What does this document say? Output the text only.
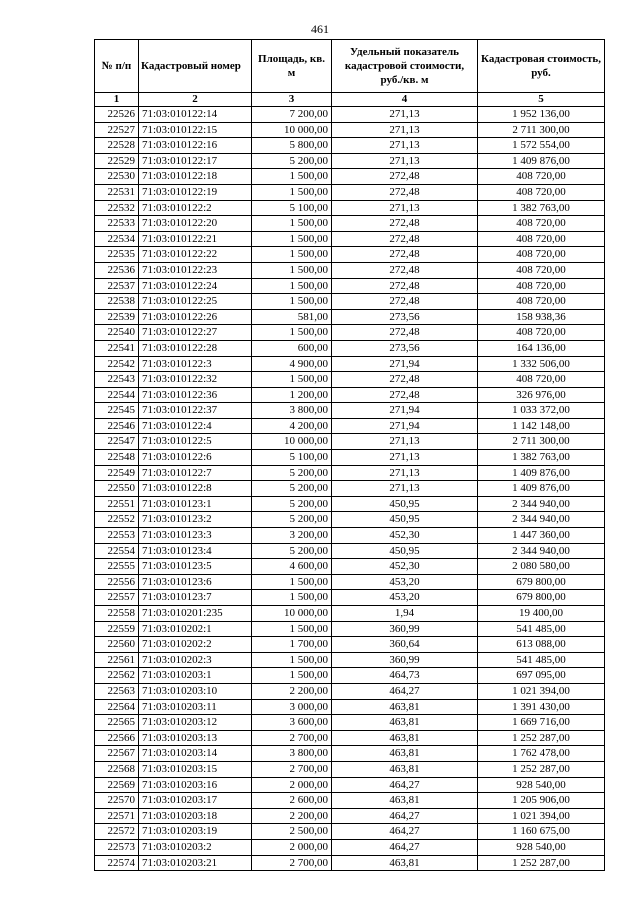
461
№ п/п	Кадастровый номер	Площадь, кв. м	Удельный показатель кадастровой стоимости, руб./кв. м	Кадастровая стоимость, руб.
1	2	3	4	5
22526	71:03:010122:14	7 200,00	271,13	1 952 136,00
22527	71:03:010122:15	10 000,00	271,13	2 711 300,00
22528	71:03:010122:16	5 800,00	271,13	1 572 554,00
22529	71:03:010122:17	5 200,00	271,13	1 409 876,00
22530	71:03:010122:18	1 500,00	272,48	408 720,00
22531	71:03:010122:19	1 500,00	272,48	408 720,00
22532	71:03:010122:2	5 100,00	271,13	1 382 763,00
22533	71:03:010122:20	1 500,00	272,48	408 720,00
22534	71:03:010122:21	1 500,00	272,48	408 720,00
22535	71:03:010122:22	1 500,00	272,48	408 720,00
22536	71:03:010122:23	1 500,00	272,48	408 720,00
22537	71:03:010122:24	1 500,00	272,48	408 720,00
22538	71:03:010122:25	1 500,00	272,48	408 720,00
22539	71:03:010122:26	581,00	273,56	158 938,36
22540	71:03:010122:27	1 500,00	272,48	408 720,00
22541	71:03:010122:28	600,00	273,56	164 136,00
22542	71:03:010122:3	4 900,00	271,94	1 332 506,00
22543	71:03:010122:32	1 500,00	272,48	408 720,00
22544	71:03:010122:36	1 200,00	272,48	326 976,00
22545	71:03:010122:37	3 800,00	271,94	1 033 372,00
22546	71:03:010122:4	4 200,00	271,94	1 142 148,00
22547	71:03:010122:5	10 000,00	271,13	2 711 300,00
22548	71:03:010122:6	5 100,00	271,13	1 382 763,00
22549	71:03:010122:7	5 200,00	271,13	1 409 876,00
22550	71:03:010122:8	5 200,00	271,13	1 409 876,00
22551	71:03:010123:1	5 200,00	450,95	2 344 940,00
22552	71:03:010123:2	5 200,00	450,95	2 344 940,00
22553	71:03:010123:3	3 200,00	452,30	1 447 360,00
22554	71:03:010123:4	5 200,00	450,95	2 344 940,00
22555	71:03:010123:5	4 600,00	452,30	2 080 580,00
22556	71:03:010123:6	1 500,00	453,20	679 800,00
22557	71:03:010123:7	1 500,00	453,20	679 800,00
22558	71:03:010201:235	10 000,00	1,94	19 400,00
22559	71:03:010202:1	1 500,00	360,99	541 485,00
22560	71:03:010202:2	1 700,00	360,64	613 088,00
22561	71:03:010202:3	1 500,00	360,99	541 485,00
22562	71:03:010203:1	1 500,00	464,73	697 095,00
22563	71:03:010203:10	2 200,00	464,27	1 021 394,00
22564	71:03:010203:11	3 000,00	463,81	1 391 430,00
22565	71:03:010203:12	3 600,00	463,81	1 669 716,00
22566	71:03:010203:13	2 700,00	463,81	1 252 287,00
22567	71:03:010203:14	3 800,00	463,81	1 762 478,00
22568	71:03:010203:15	2 700,00	463,81	1 252 287,00
22569	71:03:010203:16	2 000,00	464,27	928 540,00
22570	71:03:010203:17	2 600,00	463,81	1 205 906,00
22571	71:03:010203:18	2 200,00	464,27	1 021 394,00
22572	71:03:010203:19	2 500,00	464,27	1 160 675,00
22573	71:03:010203:2	2 000,00	464,27	928 540,00
22574	71:03:010203:21	2 700,00	463,81	1 252 287,00
